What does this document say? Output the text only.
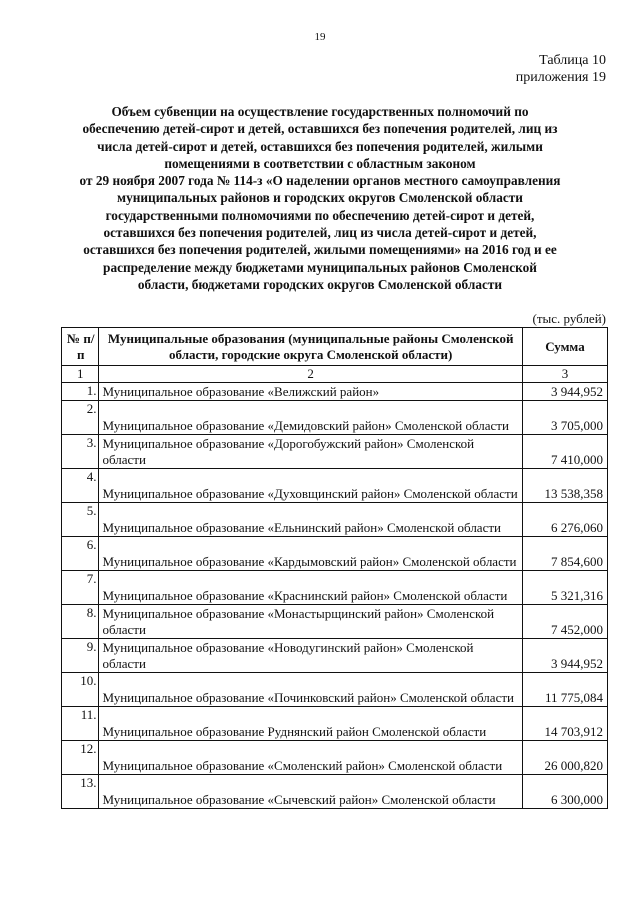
19
Таблица 10
приложения 19
Объем субвенции на осуществление государственных полномочий по
обеспечению детей-сирот и детей, оставшихся без попечения родителей, лиц из
числа детей-сирот и детей, оставшихся без попечения родителей, жилыми
помещениями в соответствии с областным законом
от 29 ноября 2007 года № 114-з «О наделении органов местного самоуправления
муниципальных районов и городских округов Смоленской области
государственными полномочиями по обеспечению детей-сирот и детей,
оставшихся без попечения родителей, лиц из числа детей-сирот и детей,
оставшихся без попечения родителей, жилыми помещениями» на 2016 год и ее
распределение между бюджетами муниципальных районов Смоленской
области, бюджетами городских округов Смоленской области
(тыс. рублей)
№ п/п	Муниципальные образования (муниципальные районы Смоленской области, городские округа Смоленской области)	Сумма
1	2	3
1.	Муниципальное образование «Велижский район»	3 944,952
2.	Муниципальное образование «Демидовский район» Смоленской области	3 705,000
3.	Муниципальное образование «Дорогобужский район» Смоленской области	7 410,000
4.	Муниципальное образование «Духовщинский район» Смоленской области	13 538,358
5.	Муниципальное образование «Ельнинский район» Смоленской области	6 276,060
6.	Муниципальное образование «Кардымовский район» Смоленской области	7 854,600
7.	Муниципальное образование «Краснинский район» Смоленской области	5 321,316
8.	Муниципальное образование «Монастырщинский район» Смоленской области	7 452,000
9.	Муниципальное образование «Новодугинский район» Смоленской области	3 944,952
10.	Муниципальное образование «Починковский район» Смоленской области	11 775,084
11.	Муниципальное образование Руднянский район Смоленской области	14 703,912
12.	Муниципальное образование «Смоленский район» Смоленской области	26 000,820
13.	Муниципальное образование «Сычевский район» Смоленской области	6 300,000
